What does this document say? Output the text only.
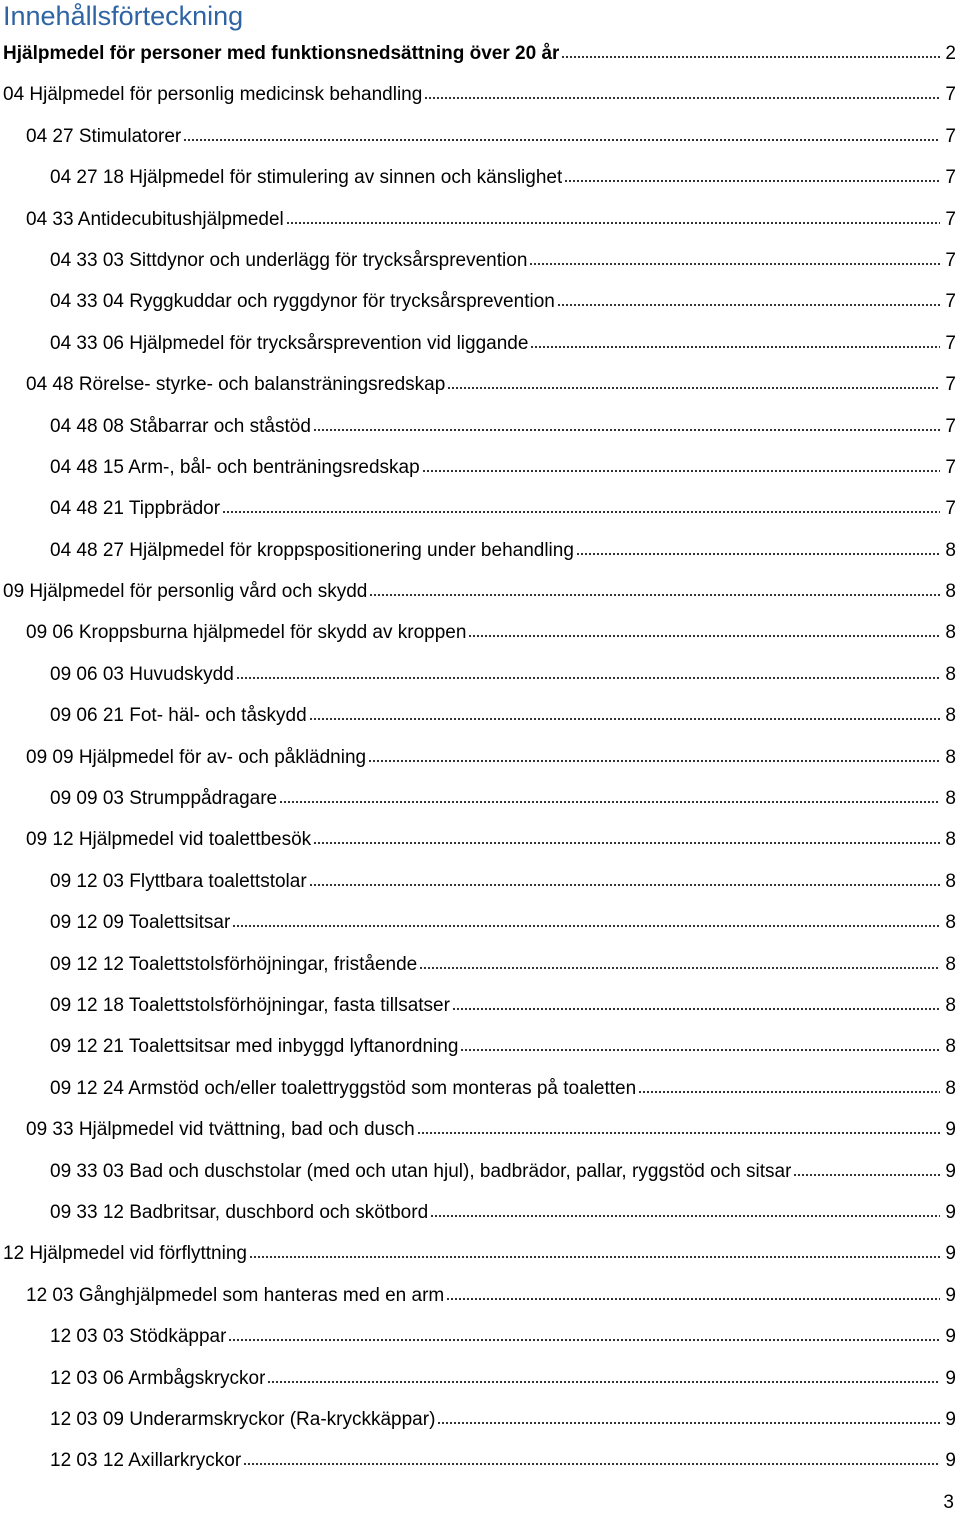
Innehållsförteckning
Hjälpmedel för personer med funktionsnedsättning över 20 år	2
04 Hjälpmedel för personlig medicinsk behandling	7
04 27 Stimulatorer	7
04 27 18 Hjälpmedel för stimulering av sinnen och känslighet	7
04 33 Antidecubitushjälpmedel	7
04 33 03 Sittdynor och underlägg för trycksårsprevention	7
04 33 04 Ryggkuddar och ryggdynor för trycksårsprevention	7
04 33 06 Hjälpmedel för trycksårsprevention vid liggande	7
04 48 Rörelse- styrke- och balansträningsredskap	7
04 48 08 Ståbarrar och ståstöd	7
04 48 15 Arm-, bål- och benträningsredskap	7
04 48 21 Tippbrädor	7
04 48 27 Hjälpmedel för kroppspositionering under behandling	8
09 Hjälpmedel för personlig vård och skydd	8
09 06 Kroppsburna hjälpmedel för skydd av kroppen	8
09 06 03 Huvudskydd	8
09 06 21 Fot- häl- och tåskydd	8
09 09 Hjälpmedel för av- och påklädning	8
09 09 03 Strumppådragare	8
09 12 Hjälpmedel vid toalettbesök	8
09 12 03 Flyttbara toalettstolar	8
09 12 09 Toalettsitsar	8
09 12 12 Toalettstolsförhöjningar, fristående	8
09 12 18 Toalettstolsförhöjningar, fasta tillsatser	8
09 12 21 Toalettsitsar med inbyggd lyftanordning	8
09 12 24 Armstöd och/eller toalettryggstöd som monteras på toaletten	8
09 33 Hjälpmedel vid tvättning, bad och dusch	9
09 33 03 Bad och duschstolar (med och utan hjul), badbrädor, pallar, ryggstöd och sitsar	9
09 33 12 Badbritsar, duschbord och skötbord	9
12 Hjälpmedel vid förflyttning	9
12 03 Gånghjälpmedel som hanteras med en arm	9
12 03 03 Stödkäppar	9
12 03 06 Armbågskryckor	9
12 03 09 Underarmskryckor (Ra-kryckkäppar)	9
12 03 12 Axillarkryckor	9
3
